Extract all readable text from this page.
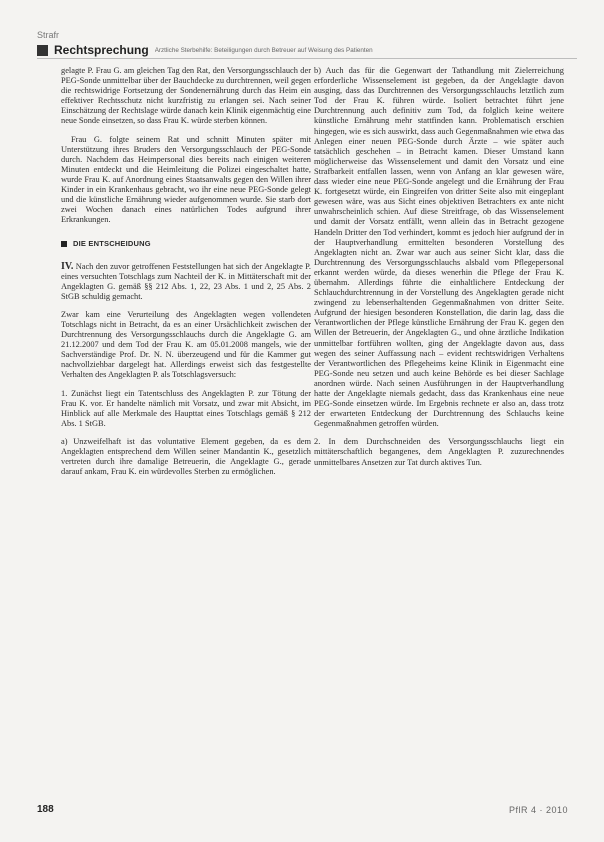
Strafr
Rechtsprechung Ärztliche Sterbehilfe: Beteiligungen durch Betreuer auf Weisung des Patienten

gelagte P. Frau G. am gleichen Tag den Rat, den Versorgungsschlauch der PEG-Sonde unmittelbar über der Bauchdecke zu durchtrennen, weil gegen die rechtswidrige Fortsetzung der Sondenernährung durch das Heim ein effektiver Rechtsschutz nicht kurzfristig zu erlangen sei. Nach seiner Einschätzung der Rechtslage würde danach kein Klinik eigenmächtig eine neue Sonde einsetzen, so dass Frau K. würde sterben können.

Frau G. folgte seinem Rat und schnitt Minuten später mit Unterstützung ihres Bruders den Versorgungsschlauch der PEG-Sonde durch. Nachdem das Heimpersonal dies bereits nach einigen weiteren Minuten entdeckt und die Heimleitung die Polizei eingeschaltet hatte, wurde Frau K. auf Anordnung eines Staatsanwalts gegen den Willen ihrer Kinder in ein Krankenhaus gebracht, wo ihr eine neue PEG-Sonde gelegt und die künstliche Ernährung wieder aufgenommen wurde. Sie starb dort zwei Wochen danach eines natürlichen Todes aufgrund ihrer Erkrankungen.

DIE ENTSCHEIDUNG

IV. Nach den zuvor getroffenen Feststellungen hat sich der Angeklagte P. eines versuchten Totschlags zum Nachteil der K. in Mittäterschaft mit der Angeklagten G. gemäß §§ 212 Abs. 1, 22, 23 Abs. 1 und 2, 25 Abs. 2 StGB schuldig gemacht.

Zwar kam eine Verurteilung des Angeklagten wegen vollendeten Totschlags nicht in Betracht, da es an einer Ursächlichkeit zwischen der Durchtrennung des Versorgungsschlauchs durch die Angeklagte G. am 21.12.2007 und dem Tod der Frau K. am 05.01.2008 mangels, wie der Sachverständige Prof. Dr. N. N. überzeugend und für die Kammer gut nachvollziehbar dargelegt hat. Allerdings erweist sich das festgestellte Verhalten des Angeklagten P. als Totschlagsversuch:

1. Zunächst liegt ein Tatentschluss des Angeklagten P. zur Tötung der Frau K. vor. Er handelte nämlich mit Vorsatz, und zwar mit Absicht, im Hinblick auf alle Merkmale des Haupttat eines Totschlags gemäß § 212 Abs. 1 StGB.

a) Unzweifelhaft ist das voluntative Element gegeben, da es dem Angeklagten entsprechend dem Willen seiner Mandantin K., gesetzlich vertreten durch ihre damalige Betreuerin, die Angeklagte G., gerade darauf ankam, Frau K. ein würdevolles Sterben zu ermöglichen.

b) Auch das für die Gegenwart der Tathandlung mit Zielerreichung erforderliche Wissenselement ist gegeben, da der Angeklagte davon ausging, dass das Durchtrennen des Versorgungsschlauchs letztlich zum Tod der Frau K. führen würde. Isoliert betrachtet führt jene Durchtrennung auch definitiv zum Tod, da folglich keine weitere künstliche Ernährung mehr stattfinden kann. Problematisch erschien hingegen, wie es sich auswirkt, dass auch Gegenmaßnahmen wie etwa das Anlegen einer neuen PEG-Sonde durch Ärzte – wie später auch tatsächlich geschehen – in Betracht kamen. Dieser Umstand kann möglicherweise das Wissenselement und damit den Vorsatz und eine Strafbarkeit entfallen lassen, wenn von Anfang an klar gewesen wäre, dass wieder eine neue PEG-Sonde angelegt und die Ernährung der Frau K. fortgesetzt würde, ein Eingreifen von dritter Seite also mit eingeplant gewesen wäre, was aus Sicht eines objektiven Betrachters ex ante nicht unwahrscheinlich schien. Auf diese Streitfrage, ob das Wissenselement und damit der Vorsatz entfällt, wenn allein das in Betracht gezogene Handeln Dritter den Tod verhindert, kommt es jedoch hier aufgrund der in der Hauptverhandlung ermittelten besonderen Vorstellung des Angeklagten nicht an. Zwar war auch aus seiner Sicht klar, dass die Durchtrennung des Versorgungsschlauchs alsbald vom Pflegepersonal erkannt werden würde, da dieses wenerhin die Pflege der Frau K. übernahm. Allerdings führte die einhaltlichere Entdeckung der Schlauchdurchtrennung in der Vorstellung des Angeklagten gerade nicht zwingend zu lebenserhaltenden Gegenmaßnahmen von dritter Seite. Aufgrund der hiesigen besonderen Konstellation, die darin lag, dass die Verantwortlichen der Pflege künstliche Ernährung der Frau K. gegen den Willen der Betreuerin, der Angeklagten G., und ohne ärztliche Indikation unmittelbar fortführen wollten, ging der Angeklagte davon aus, dass wegen des seiner Auffassung nach – evident rechtswidrigen Verhaltens der Verantwortlichen des Pflegeheims keine Klinik in Eigenmacht eine PEG-Sonde neu setzen und auch keine Behörde es bei dieser Sachlage anordnen würde. Nach seinen Ausführungen in der Hauptverhandlung hatte der Angeklagte niemals gedacht, dass das Krankenhaus eine neue PEG-Sonde einsetzen würde. Im Ergebnis rechnete er also an, dass trotz der erwarteten Entdeckung der Durchtrennung des Schlauchs keine Gegenmaßnahmen getroffen würden.

2. In dem Durchschneiden des Versorgungsschlauchs liegt ein mittäterschaftlich begangenes, dem Angeklagten P. zuzurechnendes unmittelbares Ansetzen zur Tat durch aktives Tun.

188	PflR 4 · 2010
